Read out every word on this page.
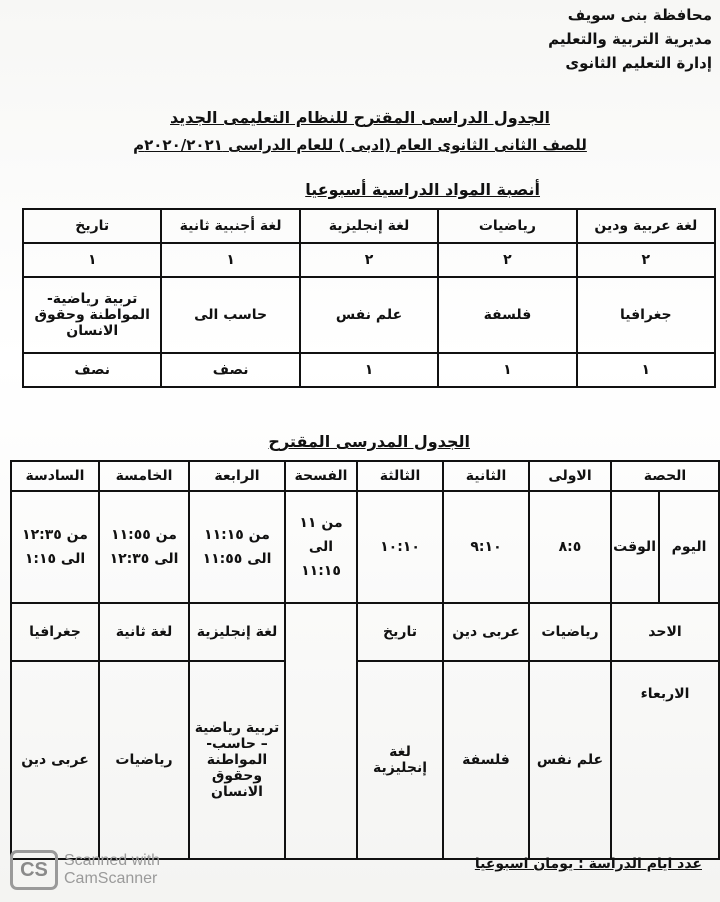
محافظة بنى سويف
مديرية التربية والتعليم
إدارة التعليم الثانوى
الجدول الدراسى المقترح للنظام التعليمى الجديد
للصف الثانى الثانوى العام (ادبى ) للعام الدراسى ٢٠٢٠/٢٠٢١م
أنصبة المواد الدراسية أسبوعيا
لغة عربية ودين	رياضيات	لغة إنجليزية	لغة أجنبية ثانية	تاريخ
٢	٢	٢	١	١
جغرافيا	فلسفة	علم نفس	حاسب الى	تربية رياضية- المواطنة وحقوق الانسان
١	١	١	نصف	نصف
الجدول المدرسى المقترح
الحصة		الاولى	الثانية	الثالثة	الفسحة	الرابعة	الخامسة	السادسة
اليوم	الوقت	٨:٥	٩:١٠	١٠:١٠	من ١١ الى ١١:١٥	من ١١:١٥ الى ١١:٥٥	من ١١:٥٥ الى ١٢:٣٥	من ١٢:٣٥ الى ١:١٥
الاحد		رياضيات	عربى دين	تاريخ		لغة إنجليزية	لغة ثانية	جغرافيا
الاربعاء		علم نفس	فلسفة	لغة إنجليزية		تربية رياضية – حاسب- المواطنة وحقوق الانسان	رياضيات	عربى دين
عدد ايام الدراسة : يومان اسبوعيا
CS	Scanned with
CamScanner
